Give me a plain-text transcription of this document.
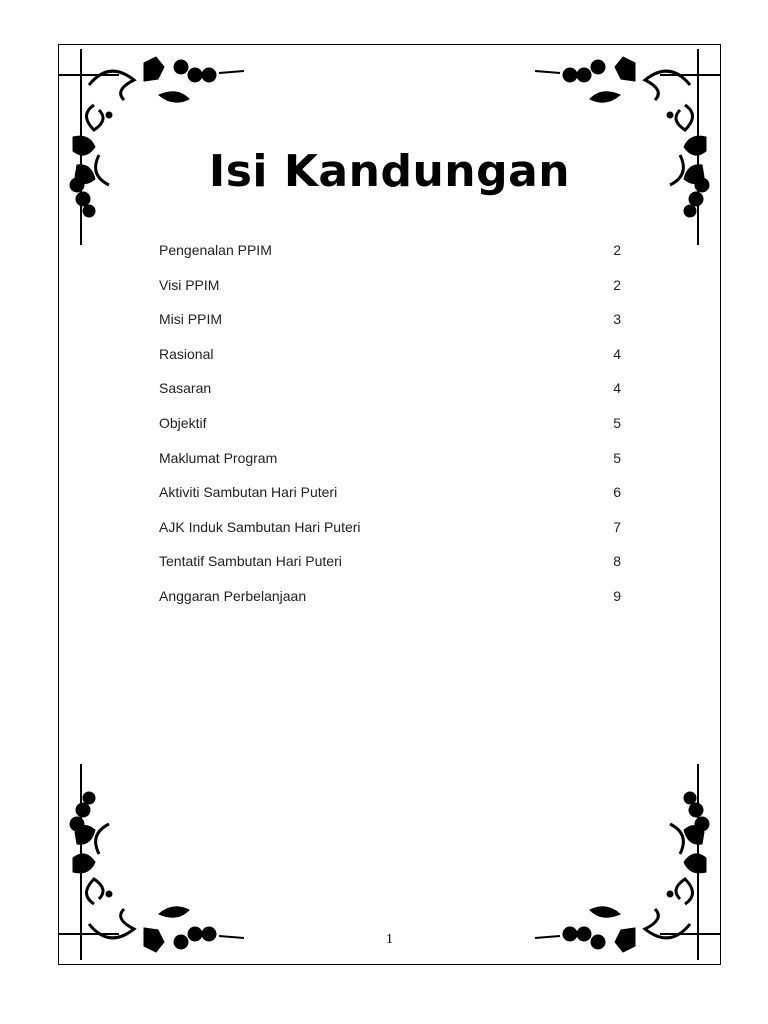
Isi Kandungan
Pengenalan PPIM	2
Visi PPIM	2
Misi PPIM	3
Rasional	4
Sasaran	4
Objektif	5
Maklumat Program	5
Aktiviti Sambutan Hari Puteri	6
AJK Induk Sambutan Hari Puteri	7
Tentatif Sambutan Hari Puteri	8
Anggaran Perbelanjaan	9
1
